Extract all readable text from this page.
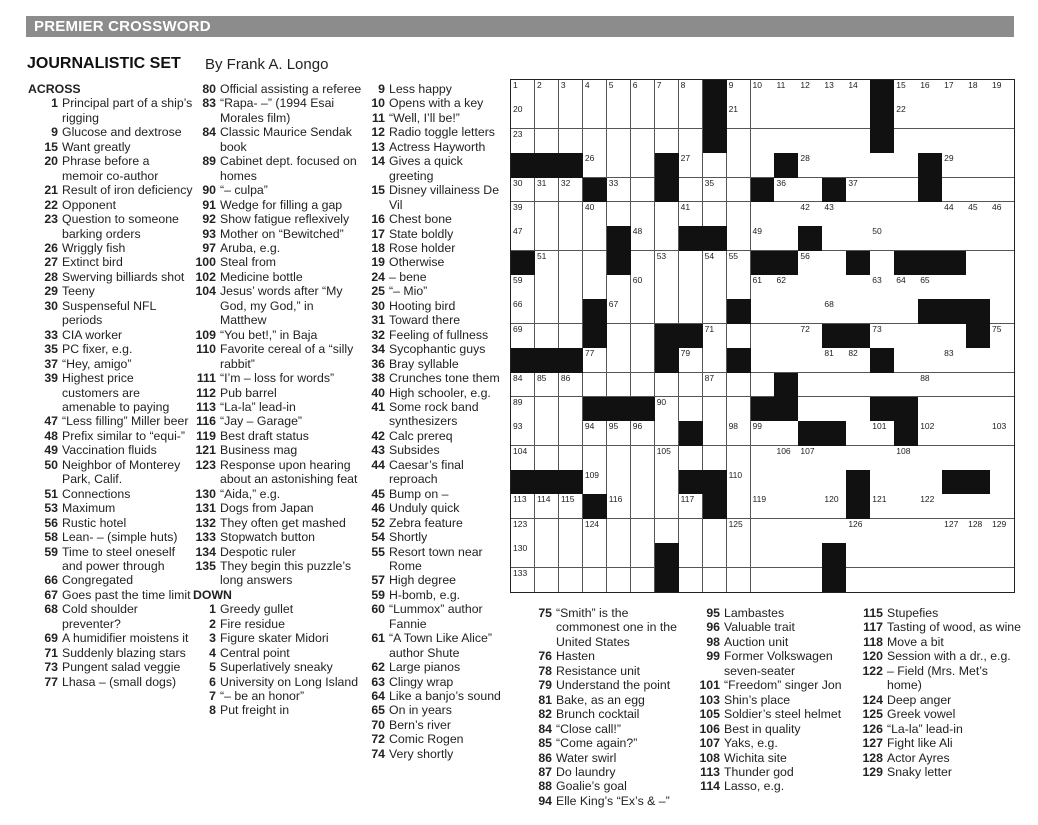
PREMIER CROSSWORD
JOURNALISTIC SET By Frank A. Longo
ACROSS
1 Principal part of a ship’s rigging
9 Glucose and dextrose
15 Want greatly
20 Phrase before a memoir co-author
21 Result of iron deficiency
22 Opponent
23 Question to someone barking orders
26 Wriggly fish
27 Extinct bird
28 Swerving billiards shot
29 Teeny
30 Suspenseful NFL periods
33 CIA worker
35 PC fixer, e.g.
37 “Hey, amigo”
39 Highest price customers are amenable to paying
47 “Less filling” Miller beer
48 Prefix similar to “equi-”
49 Vaccination fluids
50 Neighbor of Monterey Park, Calif.
51 Connections
53 Maximum
56 Rustic hotel
58 Lean- – (simple huts)
59 Time to steel oneself and power through
66 Congregated
67 Goes past the time limit
68 Cold shoulder preventer?
69 A humidifier moistens it
71 Suddenly blazing stars
73 Pungent salad veggie
77 Lhasa – (small dogs)
80 Official assisting a referee
83 “Rapa- –” (1994 Esai Morales film)
84 Classic Maurice Sendak book
89 Cabinet dept. focused on homes
90 “– culpa”
91 Wedge for filling a gap
92 Show fatigue reflexively
93 Mother on “Bewitched”
97 Aruba, e.g.
100 Steal from
102 Medicine bottle
104 Jesus’ words after “My God, my God,” in Matthew
109 “You bet!,” in Baja
110 Favorite cereal of a “silly rabbit”
111 “I’m – loss for words”
112 Pub barrel
113 “La-la” lead-in
116 “Jay – Garage”
119 Best draft status
121 Business mag
123 Response upon hearing about an astonishing feat
130 “Aida,” e.g.
131 Dogs from Japan
132 They often get mashed
133 Stopwatch button
134 Despotic ruler
135 They begin this puzzle’s long answers
DOWN
1 Greedy gullet
2 Fire residue
3 Figure skater Midori
4 Central point
5 Superlatively sneaky
6 University on Long Island
7 “– be an honor”
8 Put freight in
9 Less happy
10 Opens with a key
11 “Well, I’ll be!”
12 Radio toggle letters
13 Actress Hayworth
14 Gives a quick greeting
15 Disney villainess De Vil
16 Chest bone
17 State boldly
18 Rose holder
19 Otherwise
24 – bene
25 “– Mio”
30 Hooting bird
31 Toward there
32 Feeling of fullness
34 Sycophantic guys
36 Bray syllable
38 Crunches tone them
40 High schooler, e.g.
41 Some rock band synthesizers
42 Calc prereq
43 Subsides
44 Caesar’s final reproach
45 Bump on –
46 Unduly quick
52 Zebra feature
54 Shortly
55 Resort town near Rome
57 High degree
59 H-bomb, e.g.
60 “Lummox” author Fannie
61 “A Town Like Alice” author Shute
62 Large pianos
63 Clingy wrap
64 Like a banjo’s sound
65 On in years
70 Bern’s river
72 Comic Rogen
74 Very shortly
75 “Smith” is the commonest one in the United States
76 Hasten
78 Resistance unit
79 Understand the point
81 Bake, as an egg
82 Brunch cocktail
84 “Close call!”
85 “Come again?”
86 Water swirl
87 Do laundry
88 Goalie’s goal
94 Elle King’s “Ex’s & –”
95 Lambastes
96 Valuable trait
98 Auction unit
99 Former Volkswagen seven-seater
101 “Freedom” singer Jon
103 Shin’s place
105 Soldier’s steel helmet
106 Best in quality
107 Yaks, e.g.
108 Wichita site
113 Thunder god
114 Lasso, e.g.
115 Stupefies
117 Tasting of wood, as wine
118 Move a bit
120 Session with a dr., e.g.
122 – Field (Mrs. Met’s home)
124 Deep anger
125 Greek vowel
126 “La-la” lead-in
127 Fight like Ali
128 Actor Ayres
129 Snaky letter
1 2 3 4 5 6 7 8	9 10 11 12 13 14	15 16 17 18 19
20	21	22
23
26	27	28	29
30 31 32	33	35	36	37
39	40	41	42 43	44 45 46
47	48	49	50
51	53	54 55	56
59	60	61 62	63 64 65
66	67	68
69	71	72	73	75
77	79	81 82	83
84 85 86	87	88
89	90
93	94 95 96	98 99	101	102	103
104	105	106 107	108
109	110
113 114 115	116	117	119	120	121	122
123	124	125	126	127 128 129
130
133
